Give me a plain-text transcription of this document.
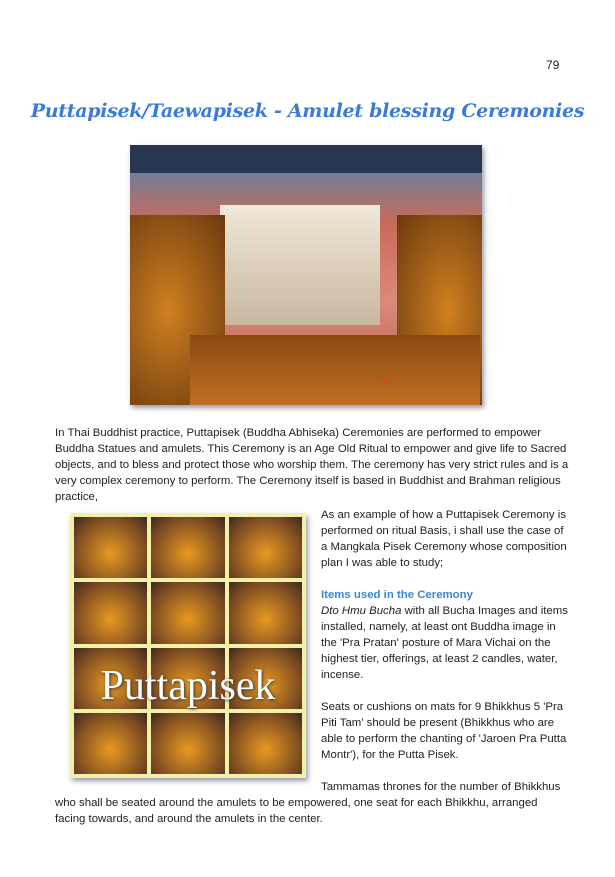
79
Puttapisek/Taewapisek - Amulet blessing Ceremonies
23
In Thai Buddhist practice, Puttapisek (Buddha Abhiseka) Ceremonies are performed to empower Buddha Statues and amulets. This Ceremony is an Age Old Ritual to empower and give life to Sacred objects, and to bless and protect those who worship them. The ceremony has very strict rules and is a very complex ceremony to perform. The Ceremony itself is based in Buddhist and Brahman religious practice,
Puttapisek

As an example of how a Puttapisek Ceremony is performed on ritual Basis, i shall use the case of a Mangkala Pisek Ceremony whose composition plan I was able to study;

Items used in the Ceremony
Dto Hmu Bucha with all Bucha Images and items installed, namely, at least ont Buddha image in the 'Pra Pratan' posture of Mara Vichai on the highest tier, offerings, at least 2 candles, water, incense.

Seats or cushions on mats for 9 Bhikkhus 5 'Pra Piti Tam' should be present (Bhikkhus who are able to perform the chanting of 'Jaroen Pra Putta Montr'), for the Putta Pisek.

Tammamas thrones for the number of Bhikkhus who shall be seated around the amulets to be empowered, one seat for each Bhikkhu, arranged facing towards, and around the amulets in the center.
